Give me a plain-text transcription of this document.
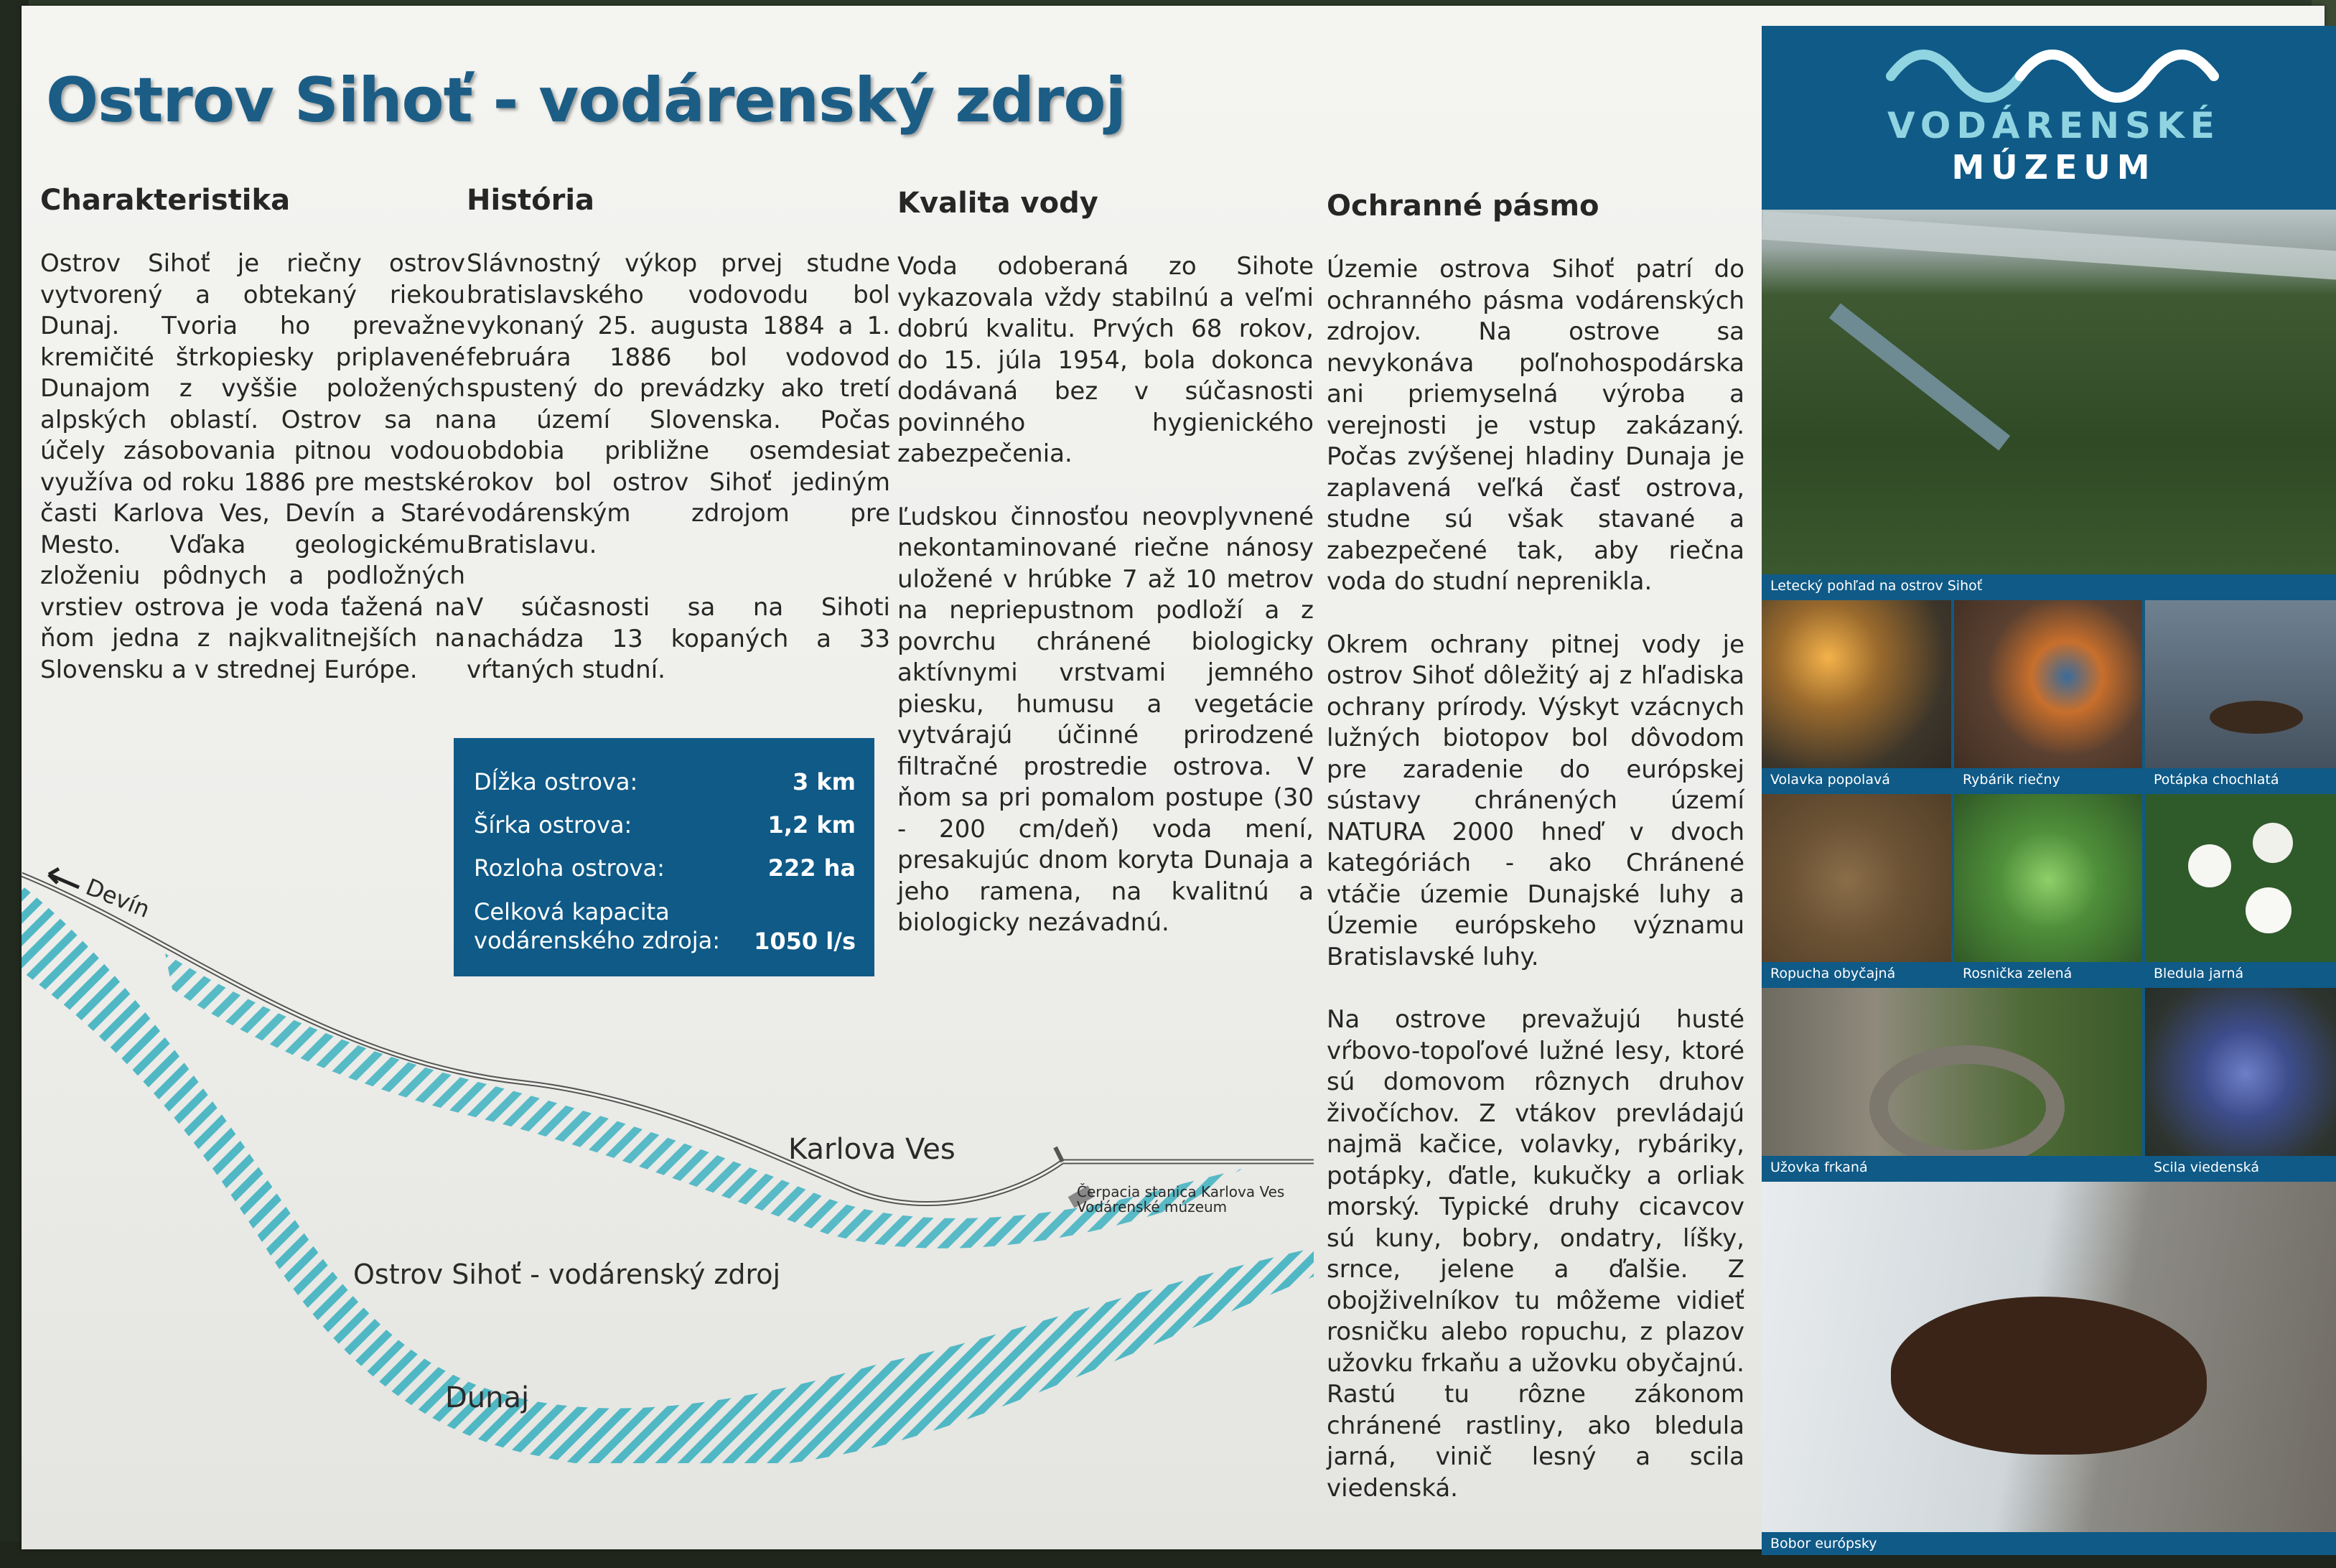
Ostrov Sihoť - vodárenský zdroj
Charakteristika

Ostrov Sihoť je riečny ostrov vytvorený a obtekaný riekou Dunaj. Tvoria ho prevažne kremičité štrkopiesky priplavené Dunajom z vyššie položených alpských oblastí. Ostrov sa na účely zásobovania pitnou vodou využíva od roku 1886 pre mestské časti Karlova Ves, Devín a Staré Mesto. Vďaka geologickému zloženiu pôdnych a podložných vrstiev ostrova je voda ťažená na ňom jedna z najkvalitnejších na Slovensku a v strednej Európe.

História

Slávnostný výkop prvej studne bratislavského vodovodu bol vykonaný 25. augusta 1884 a 1. februára 1886 bol vodovod spustený do prevádzky ako tretí na území Slovenska. Počas obdobia približne osemdesiat rokov bol ostrov Sihoť jediným vodárenským zdrojom pre Bratislavu.

V súčasnosti sa na Sihoti nachádza 13 kopaných a 33 vŕtaných studní.

Kvalita vody

Voda odoberaná zo Sihote vykazovala vždy stabilnú a veľmi dobrú kvalitu. Prvých 68 rokov, do 15. júla 1954, bola dokonca dodávaná bez v súčasnosti povinného hygienického zabezpečenia.

Ľudskou činnosťou neovplyvnené nekontaminované riečne nánosy uložené v hrúbke 7 až 10 metrov na nepriepustnom podloží a z povrchu chránené biologicky aktívnymi vrstvami jemného piesku, humusu a vegetácie vytvárajú účinné prirodzené filtračné prostredie ostrova. V ňom sa pri pomalom postupe (30 - 200 cm/deň) voda mení, presakujúc dnom koryta Dunaja a jeho ramena, na kvalitnú a biologicky nezávadnú.

Ochranné pásmo

Územie ostrova Sihoť patrí do ochranného pásma vodárenských zdrojov. Na ostrove sa nevykonáva poľnohospodárska ani priemyselná výroba a verejnosti je vstup zakázaný. Počas zvýšenej hladiny Dunaja je zaplavená veľká časť ostrova, studne sú však stavané a zabezpečené tak, aby riečna voda do studní neprenikla.

Okrem ochrany pitnej vody je ostrov Sihoť dôležitý aj z hľadiska ochrany prírody. Výskyt vzácnych lužných biotopov bol dôvodom pre zaradenie do európskej sústavy chránených území NATURA 2000 hneď v dvoch kategóriách - ako Chránené vtáčie územie Dunajské luhy a Územie európskeho významu Bratislavské luhy.

Na ostrove prevažujú husté vŕbovo-topoľové lužné lesy, ktoré sú domovom rôznych druhov živočíchov. Z vtákov prevládajú najmä kačice, volavky, rybáriky, potápky, ďatle, kukučky a orliak morský. Typické druhy cicavcov sú kuny, bobry, ondatry, líšky, srnce, jelene a ďalšie. Z obojživelníkov tu môžeme vidieť rosničku alebo ropuchu, z plazov užovku frkaňu a užovku obyčajnú. Rastú tu rôzne zákonom chránené rastliny, ako bledula jarná, vinič lesný a scila viedenská.

Dĺžka ostrova:	3 km
Šírka ostrova:	1,2 km
Rozloha ostrova:	222 ha
Celková kapacita vodárenského zdroja:	1050 l/s
Devín
Karlova Ves
Čerpacia stanica Karlova Ves
Vodárenské múzeum
Ostrov Sihoť - vodárenský zdroj
Dunaj
VODÁRENSKÉ
MÚZEUM
Letecký pohľad na ostrov Sihoť
Volavka popolavá	Rybárik riečny	Potápka chochlatá
Ropucha obyčajná	Rosnička zelená	Bledula jarná
Užovka frkaná	Scila viedenská
Bobor európsky
